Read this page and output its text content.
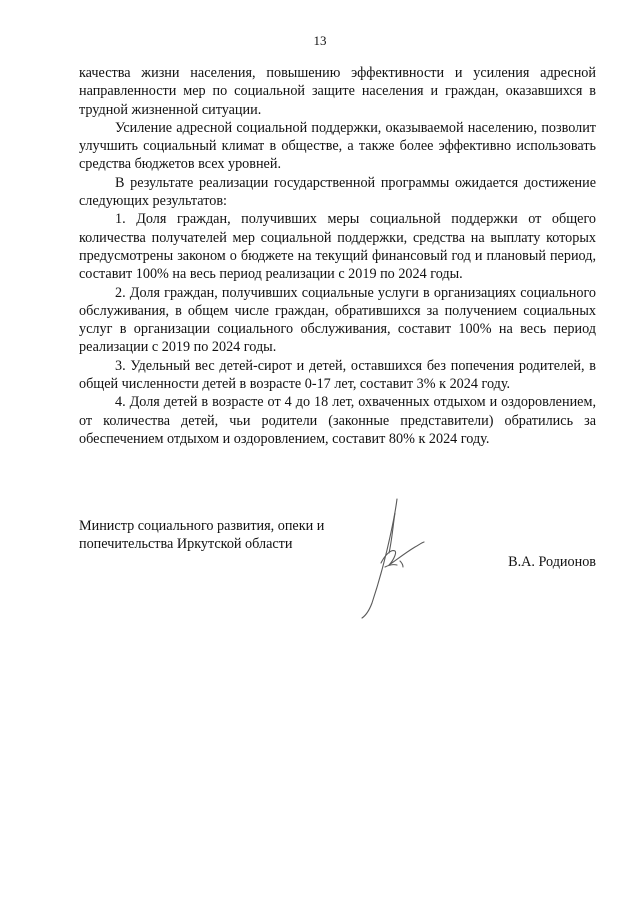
13

качества жизни населения, повышению эффективности и усиления адресной направленности мер по социальной защите населения и граждан, оказавшихся в трудной жизненной ситуации.

Усиление адресной социальной поддержки, оказываемой населению, позволит улучшить социальный климат в обществе, а также более эффективно использовать средства бюджетов всех уровней.

В результате реализации государственной программы ожидается достижение следующих результатов:

1. Доля граждан, получивших меры социальной поддержки от общего количества получателей мер социальной поддержки, средства на выплату которых предусмотрены законом о бюджете на текущий финансовый год и плановый период, составит 100% на весь период реализации с 2019 по 2024 годы.

2. Доля граждан, получивших социальные услуги в организациях социального обслуживания, в общем числе граждан, обратившихся за получением социальных услуг в организации социального обслуживания, составит 100% на весь период реализации с 2019 по 2024 годы.

3. Удельный вес детей-сирот и детей, оставшихся без попечения родителей, в общей численности детей в возрасте 0-17 лет, составит 3% к 2024 году.

4. Доля детей в возрасте от 4 до 18 лет, охваченных отдыхом и оздоровлением, от количества детей, чьи родители (законные представители) обратились за обеспечением отдыхом и оздоровлением, составит 80% к 2024 году.

Министр социального развития, опеки и попечительства Иркутской области
В.А. Родионов
